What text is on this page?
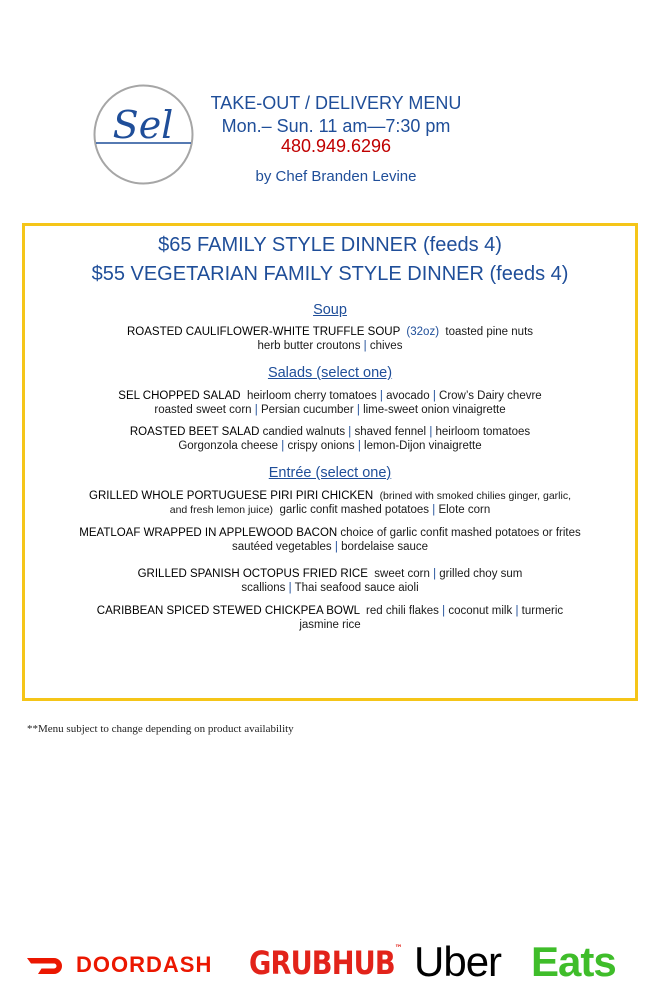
Sel	TAKE-OUT / DELIVERY MENU
Mon.– Sun. 11 am—7:30 pm
480.949.6296
by Chef Branden Levine
$65 FAMILY STYLE DINNER (feeds 4)
$55 VEGETARIAN FAMILY STYLE DINNER (feeds 4)
Soup
ROASTED CAULIFLOWER-WHITE TRUFFLE SOUP (32oz) toasted pine nuts
herb butter croutons | chives
Salads (select one)
SEL CHOPPED SALAD heirloom cherry tomatoes | avocado | Crow’s Dairy chevre
roasted sweet corn | Persian cucumber | lime-sweet onion vinaigrette
ROASTED BEET SALAD candied walnuts | shaved fennel | heirloom tomatoes
Gorgonzola cheese | crispy onions | lemon-Dijon vinaigrette
Entrée (select one)
GRILLED WHOLE PORTUGUESE PIRI PIRI CHICKEN (brined with smoked chilies ginger, garlic,
and fresh lemon juice) garlic confit mashed potatoes | Elote corn
MEATLOAF WRAPPED IN APPLEWOOD BACON choice of garlic confit mashed potatoes or frites
sautéed vegetables | bordelaise sauce
GRILLED SPANISH OCTOPUS FRIED RICE sweet corn | grilled choy sum
scallions | Thai seafood sauce aioli
CARIBBEAN SPICED STEWED CHICKPEA BOWL red chili flakes | coconut milk | turmeric
jasmine rice
**Menu subject to change depending on product availability
DOORDASH GRUBHUB™ Uber Eats
